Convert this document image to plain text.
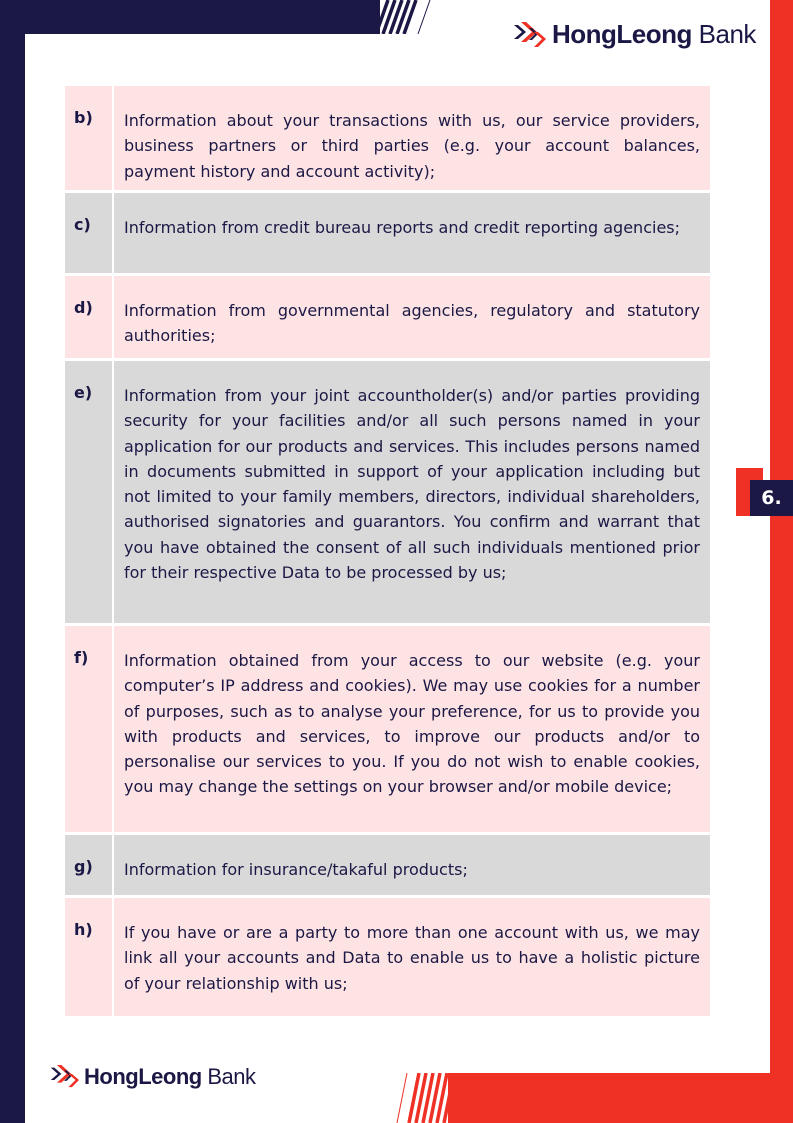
HongLeong Bank
6.
b)	Information about your transactions with us, our service providers, business partners or third parties (e.g. your account balances, payment history and account activity);
c)	Information from credit bureau reports and credit reporting agencies;
d)	Information from governmental agencies, regulatory and statutory authorities;
e)	Information from your joint accountholder(s) and/or parties providing security for your facilities and/or all such persons named in your application for our products and services. This includes persons named in documents submitted in support of your application including but not limited to your family members, directors, individual shareholders, authorised signatories and guarantors. You confirm and warrant that you have obtained the consent of all such individuals mentioned prior for their respective Data to be processed by us;
f)	Information obtained from your access to our website (e.g. your computer’s IP address and cookies). We may use cookies for a number of purposes, such as to analyse your preference, for us to provide you with products and services, to improve our products and/or to personalise our services to you. If you do not wish to enable cookies, you may change the settings on your browser and/or mobile device;
g)	Information for insurance/takaful products;
h)	If you have or are a party to more than one account with us, we may link all your accounts and Data to enable us to have a holistic picture of your relationship with us;
HongLeong Bank
